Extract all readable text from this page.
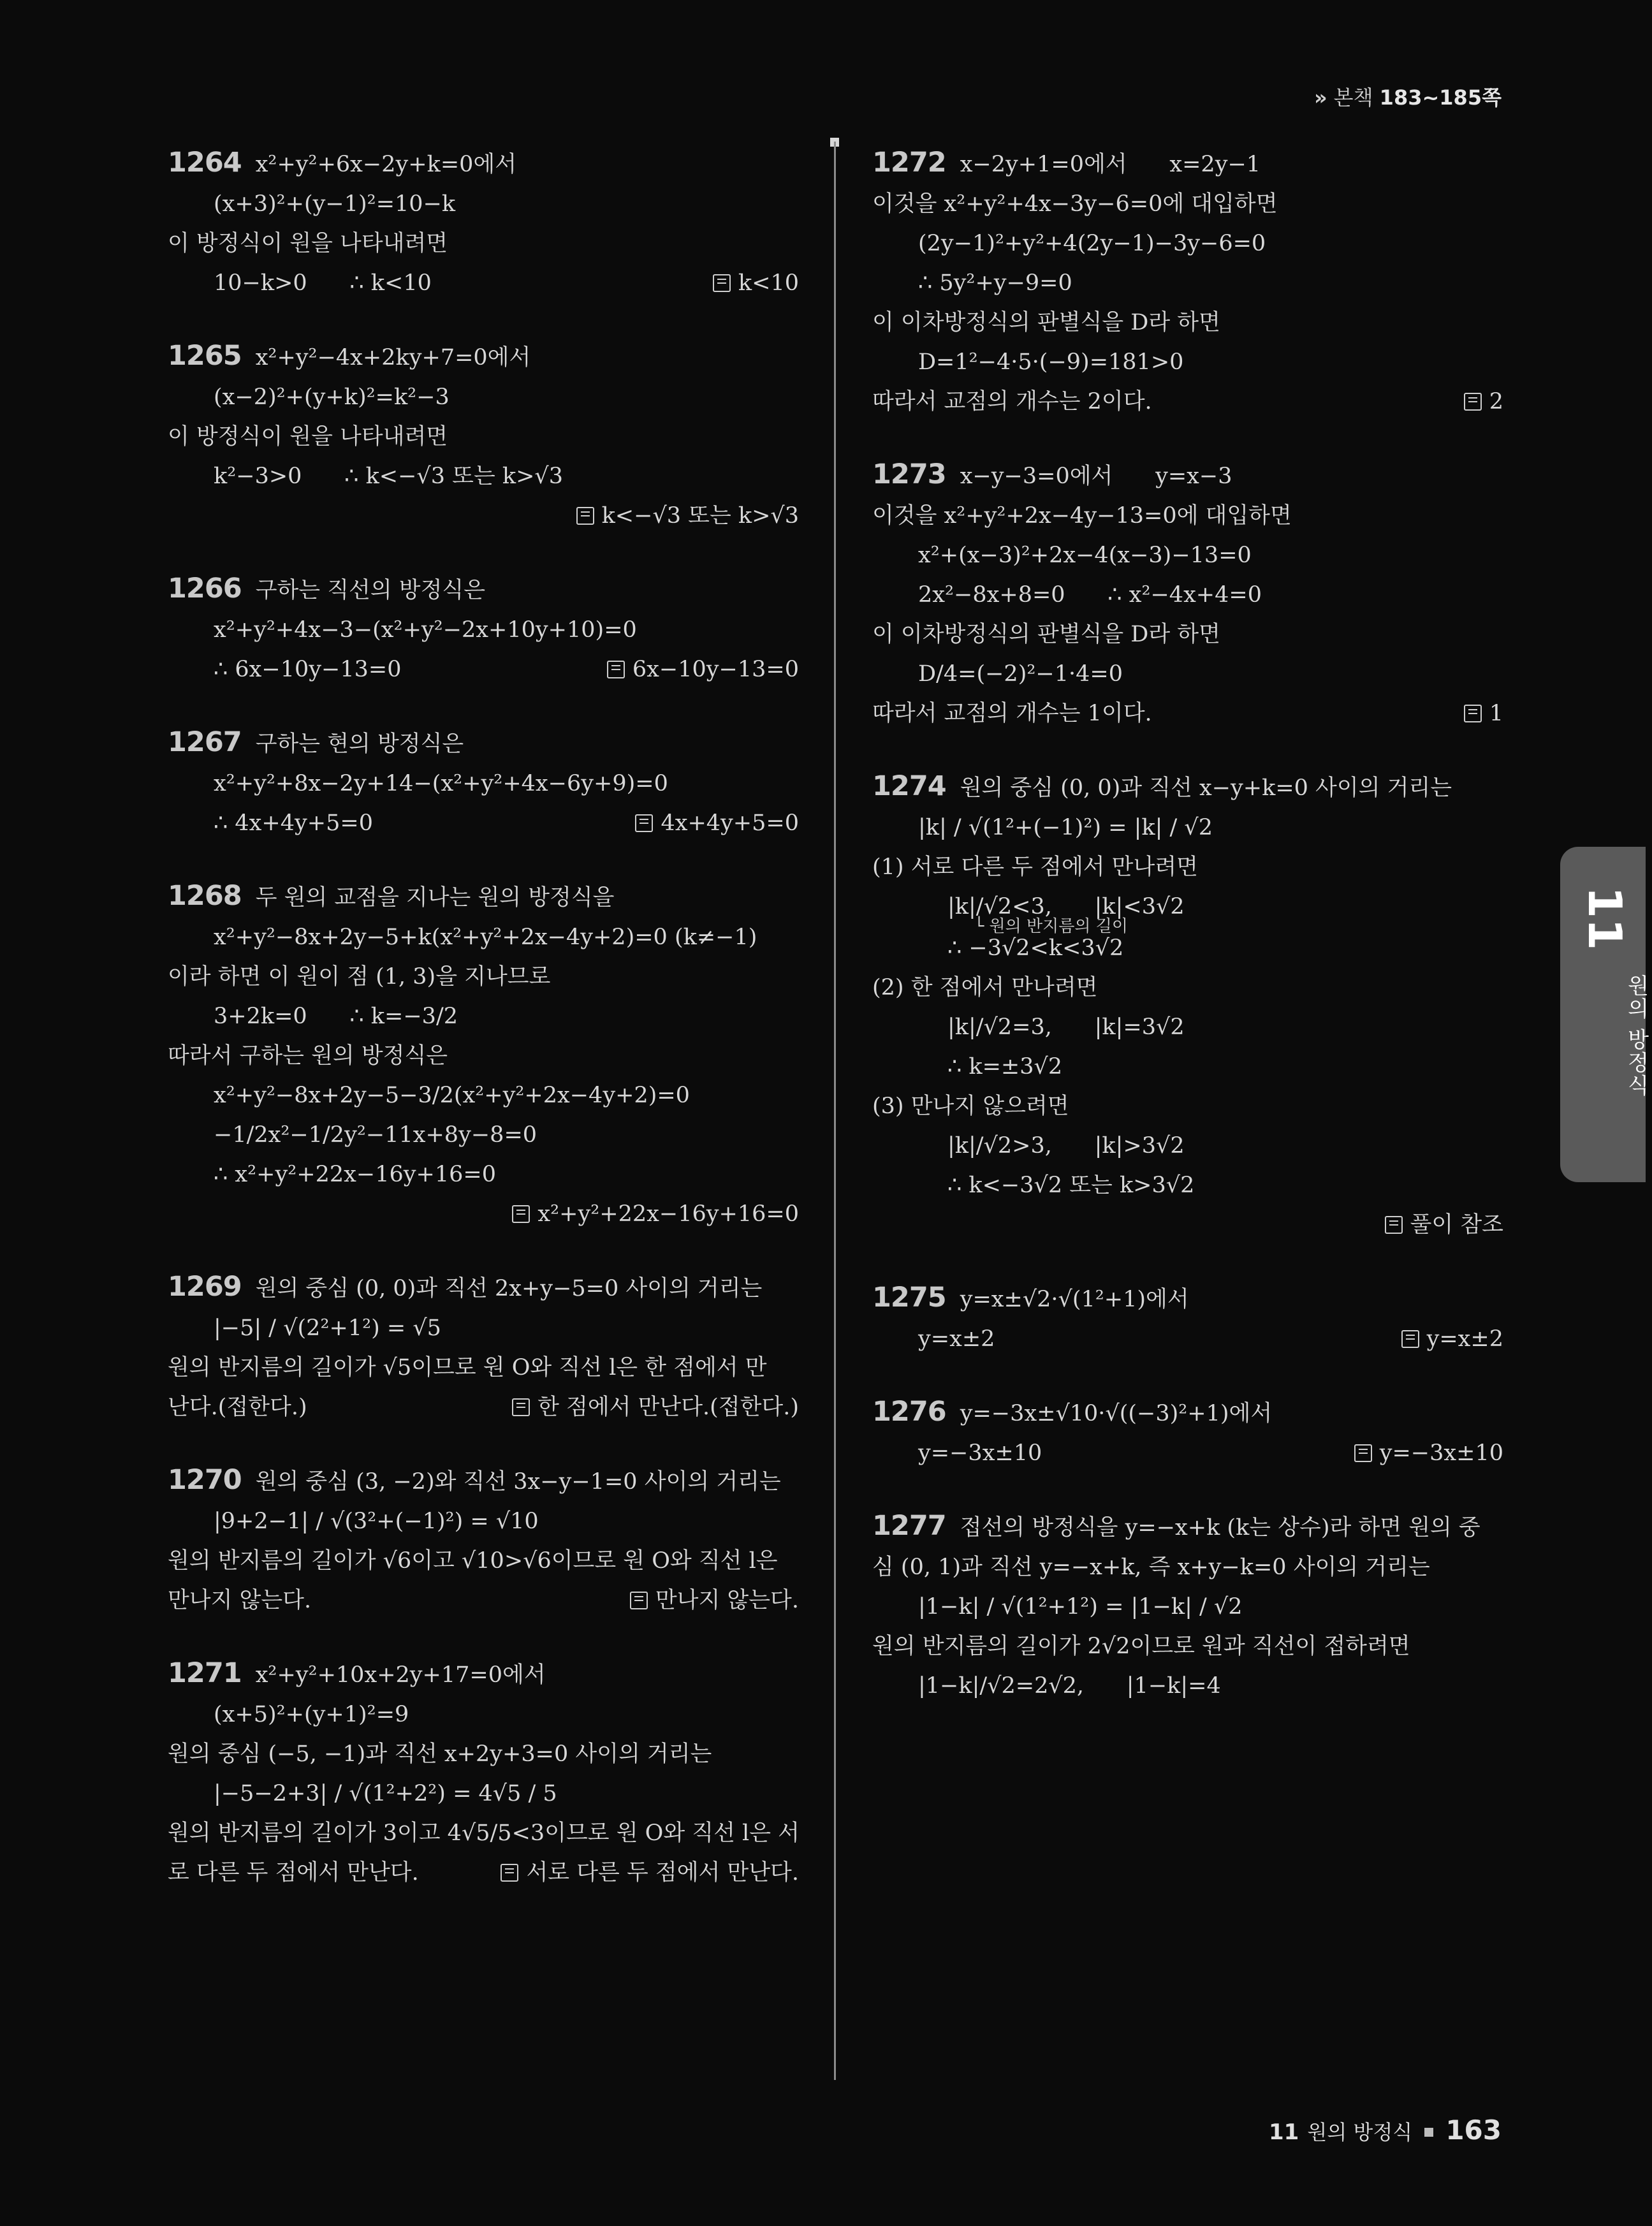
» 본책 183~185쪽
1264 x²+y²+6x−2y+k=0에서
(x+3)²+(y−1)²=10−k
이 방정식이 원을 나타내려면
10−k>0      ∴ k<10	k<10
1265 x²+y²−4x+2ky+7=0에서
(x−2)²+(y+k)²=k²−3
이 방정식이 원을 나타내려면
k²−3>0      ∴ k<−√3 또는 k>√3
k<−√3 또는 k>√3
1266 구하는 직선의 방정식은
x²+y²+4x−3−(x²+y²−2x+10y+10)=0
∴ 6x−10y−13=0	6x−10y−13=0
1267 구하는 현의 방정식은
x²+y²+8x−2y+14−(x²+y²+4x−6y+9)=0
∴ 4x+4y+5=0	4x+4y+5=0
1268 두 원의 교점을 지나는 원의 방정식을
x²+y²−8x+2y−5+k(x²+y²+2x−4y+2)=0 (k≠−1)
이라 하면 이 원이 점 (1, 3)을 지나므로
3+2k=0      ∴ k=−3/2
따라서 구하는 원의 방정식은
x²+y²−8x+2y−5−3/2(x²+y²+2x−4y+2)=0
−1/2x²−1/2y²−11x+8y−8=0
∴ x²+y²+22x−16y+16=0
x²+y²+22x−16y+16=0
1269 원의 중심 (0, 0)과 직선 2x+y−5=0 사이의 거리는
|−5| / √(2²+1²) = √5
원의 반지름의 길이가 √5이므로 원 O와 직선 l은 한 점에서 만
난다.(접한다.)	한 점에서 만난다.(접한다.)
1270 원의 중심 (3, −2)와 직선 3x−y−1=0 사이의 거리는
|9+2−1| / √(3²+(−1)²) = √10
원의 반지름의 길이가 √6이고 √10>√6이므로 원 O와 직선 l은
만나지 않는다.	만나지 않는다.
1271 x²+y²+10x+2y+17=0에서
(x+5)²+(y+1)²=9
원의 중심 (−5, −1)과 직선 x+2y+3=0 사이의 거리는
|−5−2+3| / √(1²+2²) = 4√5 / 5
원의 반지름의 길이가 3이고 4√5/5<3이므로 원 O와 직선 l은 서
로 다른 두 점에서 만난다.	서로 다른 두 점에서 만난다.
1272 x−2y+1=0에서      x=2y−1
이것을 x²+y²+4x−3y−6=0에 대입하면
(2y−1)²+y²+4(2y−1)−3y−6=0
∴ 5y²+y−9=0
이 이차방정식의 판별식을 D라 하면
D=1²−4·5·(−9)=181>0
따라서 교점의 개수는 2이다.	2
1273 x−y−3=0에서      y=x−3
이것을 x²+y²+2x−4y−13=0에 대입하면
x²+(x−3)²+2x−4(x−3)−13=0
2x²−8x+8=0      ∴ x²−4x+4=0
이 이차방정식의 판별식을 D라 하면
D/4=(−2)²−1·4=0
따라서 교점의 개수는 1이다.	1
1274 원의 중심 (0, 0)과 직선 x−y+k=0 사이의 거리는
|k| / √(1²+(−1)²) = |k| / √2
(1) 서로 다른 두 점에서 만나려면
|k|/√2<3,      $|k|<3√2_{└ 원의 반지름의 길이}$
∴ −3√2<k<3√2
(2) 한 점에서 만나려면
|k|/√2=3,      |k|=3√2
∴ k=±3√2
(3) 만나지 않으려면
|k|/√2>3,      |k|>3√2
∴ k<−3√2 또는 k>3√2
풀이 참조
1275 y=x±√2·√(1²+1)에서
y=x±2	y=x±2
1276 y=−3x±√10·√((−3)²+1)에서
y=−3x±10	y=−3x±10
1277 접선의 방정식을 y=−x+k (k는 상수)라 하면 원의 중
심 (0, 1)과 직선 y=−x+k, 즉 x+y−k=0 사이의 거리는
|1−k| / √(1²+1²) = |1−k| / √2
원의 반지름의 길이가 2√2이므로 원과 직선이 접하려면
|1−k|/√2=2√2,      |1−k|=4
11
원의 방정식
11 원의 방정식 163
